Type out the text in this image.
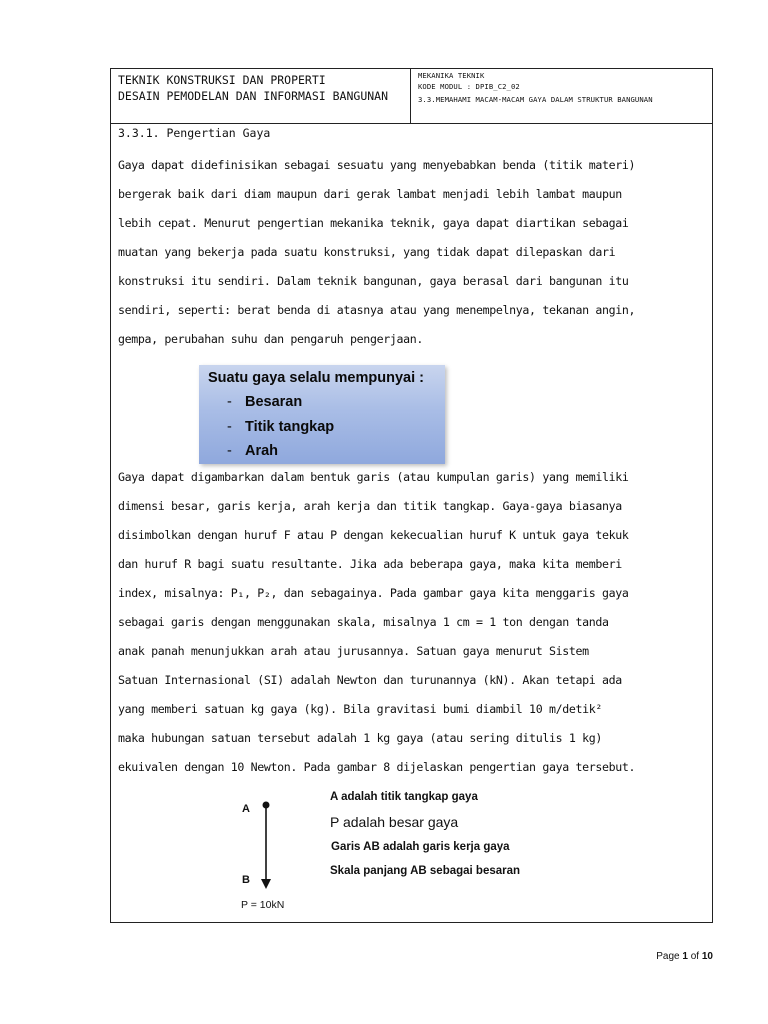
TEKNIK KONSTRUKSI DAN PROPERTI
DESAIN PEMODELAN DAN INFORMASI BANGUNAN
MEKANIKA TEKNIK
KODE MODUL : DPIB_C2_02
3.3.MEMAHAMI MACAM-MACAM GAYA DALAM STRUKTUR BANGUNAN
3.3.1. Pengertian Gaya
Gaya dapat didefinisikan sebagai sesuatu yang menyebabkan benda (titik materi)
bergerak baik dari diam maupun dari gerak lambat menjadi lebih lambat maupun
lebih cepat. Menurut pengertian mekanika teknik, gaya dapat diartikan sebagai
muatan yang bekerja pada suatu konstruksi, yang tidak dapat dilepaskan dari
konstruksi itu sendiri. Dalam teknik bangunan, gaya berasal dari bangunan itu
sendiri, seperti: berat benda di atasnya atau yang menempelnya, tekanan angin,
gempa, perubahan suhu dan pengaruh pengerjaan.
Suatu gaya selalu mempunyai :
- Besaran
- Titik tangkap
- Arah
Gaya dapat digambarkan dalam bentuk garis (atau kumpulan garis) yang memiliki
dimensi besar, garis kerja, arah kerja dan titik tangkap. Gaya-gaya biasanya
disimbolkan dengan huruf F atau P dengan kekecualian huruf K untuk gaya tekuk
dan huruf R bagi suatu resultante. Jika ada beberapa gaya, maka kita memberi
index, misalnya: P₁, P₂, dan sebagainya. Pada gambar gaya kita menggaris gaya
sebagai garis dengan menggunakan skala, misalnya 1 cm = 1 ton dengan tanda
anak panah menunjukkan arah atau jurusannya. Satuan gaya menurut Sistem
Satuan Internasional (SI) adalah Newton dan turunannya (kN). Akan tetapi ada
yang memberi satuan kg gaya (kg). Bila gravitasi bumi diambil 10 m/detik²
maka hubungan satuan tersebut adalah 1 kg gaya (atau sering ditulis 1 kg)
ekuivalen dengan 10 Newton. Pada gambar 8 dijelaskan pengertian gaya tersebut.
A
B
P = 10kN
A adalah titik tangkap gaya
P adalah besar gaya
Garis AB adalah garis kerja gaya
Skala panjang AB sebagai besaran
Page 1 of 10
